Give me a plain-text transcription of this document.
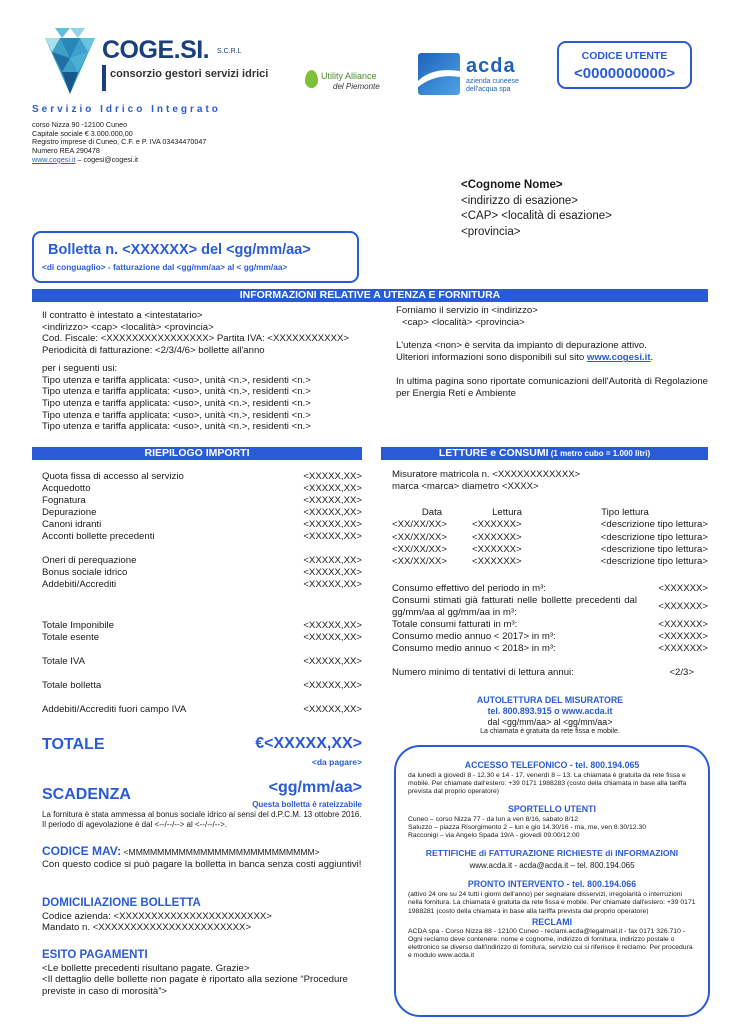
COGE.SI. S.C.R.L
consorzio gestori servizi idrici	Utility Alliance
del Piemonte
acda
azienda cuneese
dell'acqua spa
CODICE UTENTE
<0000000000>
Servizio Idrico Integrato
corso Nizza 90 -12100 Cuneo
Capitale sociale € 3.000.000,00
Registro imprese di Cuneo, C.F. e P. IVA 03434470047
Numero REA 290478
www.cogesi.it – cogesi@cogesi.it
<Cognome Nome>
<indirizzo di esazione>
<CAP> <località di esazione>
<provincia>
Bolletta n. <XXXXXX> del <gg/mm/aa>
<di conguaglio> - fatturazione dal <gg/mm/aa> al < gg/mm/aa>
INFORMAZIONI RELATIVE A UTENZA E FORNITURA
Il contratto è intestato a <intestatario>
<indirizzo> <cap> <località> <provincia>
Cod. Fiscale: <XXXXXXXXXXXXXXXX> Partita IVA: <XXXXXXXXXXX>
Periodicità di fatturazione: <2/3/4/6> bollette all'anno
per i seguenti usi:
Tipo utenza e tariffa applicata: <uso>, unità <n.>, residenti <n.>
Tipo utenza e tariffa applicata: <uso>, unità <n.>, residenti <n.>
Tipo utenza e tariffa applicata: <uso>, unità <n.>, residenti <n.>
Tipo utenza e tariffa applicata: <uso>, unità <n.>, residenti <n.>
Tipo utenza e tariffa applicata: <uso>, unità <n.>, residenti <n.>
Forniamo il servizio in <indirizzo>
<cap> <località> <provincia>
L'utenza <non> è servita da impianto di depurazione attivo.
Ulteriori informazioni sono disponibili sul sito www.cogesi.it.
In ultima pagina sono riportate comunicazioni dell'Autorità di Regolazione per Energia Reti e Ambiente
RIEPILOGO IMPORTI
Quota fissa di accesso al servizio	<XXXXX,XX>
Acquedotto	<XXXXX,XX>
Fognatura	<XXXXX,XX>
Depurazione	<XXXXX,XX>
Canoni idranti	<XXXXX,XX>
Acconti bollette precedenti	<XXXXX,XX>
Oneri di perequazione	<XXXXX,XX>
Bonus sociale idrico	<XXXXX,XX>
Addebiti/Accrediti	<XXXXX,XX>
Totale Imponibile	<XXXXX,XX>
Totale esente	<XXXXX,XX>
Totale IVA	<XXXXX,XX>
Totale bolletta	<XXXXX,XX>
Addebiti/Accrediti fuori campo IVA	<XXXXX,XX>
TOTALE	€<XXXXX,XX>
<da pagare>
SCADENZA	<gg/mm/aa>
Questa bolletta è rateizzabile
La fornitura è stata ammessa al bonus sociale idrico ai sensi del d.P.C.M. 13 ottobre 2016. Il periodo di agevolazione è dal <--/--/--> al <--/--/-->.
CODICE MAV: <MMMMMMMMMMMMMMMMMMMMMMMMMM>
Con questo codice si può pagare la bolletta in banca senza costi aggiuntivi!
DOMICILIAZIONE BOLLETTA
Codice azienda: <XXXXXXXXXXXXXXXXXXXXXXX>
Mandato n. <XXXXXXXXXXXXXXXXXXXXXXX>
ESITO PAGAMENTI
<Le bollette precedenti risultano pagate. Grazie>
<Il dettaglio delle bollette non pagate è riportato alla sezione “Procedure previste in caso di morosità”>
LETTURE e CONSUMI (1 metro cubo = 1.000 litri)
Misuratore matricola n. <XXXXXXXXXXXX>
marca <marca> diametro <XXXX>
Data	Lettura	Tipo lettura
<XX/XX/XX>	<XXXXXX>	<descrizione tipo lettura>
<XX/XX/XX>	<XXXXXX>	<descrizione tipo lettura>
<XX/XX/XX>	<XXXXXX>	<descrizione tipo lettura>
<XX/XX/XX>	<XXXXXX>	<descrizione tipo lettura>
Consumo effettivo del periodo in m³:	<XXXXXX>
Consumi stimati già fatturati nelle bollette precedenti dal gg/mm/aa al gg/mm/aa in m³:
<XXXXXX>
Totale consumi fatturati in m³:	<XXXXXX>
Consumo medio annuo < 2017> in m³:	<XXXXXX>
Consumo medio annuo < 2018> in m³:	<XXXXXX>
Numero minimo di tentativi di lettura annui:	<2/3>
AUTOLETTURA DEL MISURATORE
tel. 800.893.915 o www.acda.it
dal <gg/mm/aa> al <gg/mm/aa>
La chiamata è gratuita da rete fissa e mobile.
ACCESSO TELEFONICO - tel. 800.194.065
da lunedì a giovedì 8 - 12.30 e 14 - 17, venerdì 8 – 13. La chiamata è gratuita da rete fissa e mobile. Per chiamate dall'estero: +39 0171 1988283 (costo della chiamata in base alla tariffa prevista dal proprio operatore)
SPORTELLO UTENTI
Cuneo – corso Nizza 77 - da lun a ven 8/16, sabato 8/12
Saluzzo – piazza Risorgimento 2 – lun e gio 14.30/16 - ma, me, ven 8.30/12.30
Racconigi – via Angelo Spada 19/A - giovedì 09:00/12:00
RETTIFICHE di FATTURAZIONE RICHIESTE di INFORMAZIONI
www.acda.it - acda@acda.it – tel. 800.194.065
PRONTO INTERVENTO - tel. 800.194.066
(attivo 24 ore su 24 tutti i giorni dell'anno) per segnalare disservizi, irregolarità o interruzioni nella fornitura. La chiamata è gratuita da rete fissa e mobile. Per chiamate dall'estero: +39 0171 1988281 (costo della chiamata in base alla tariffa prevista dal proprio operatore)
RECLAMI
ACDA spa - Corso Nizza 88 - 12100 Cuneo - reclami.acda@legalmail.it - fax 0171 326.710 - Ogni reclamo deve contenere: nome e cognome, indirizzo di fornitura, indirizzo postale o elettronico se diverso dall'indirizzo di fornitura, servizio cui si riferisce il reclamo. Per procedura e modulo www.acda.it
